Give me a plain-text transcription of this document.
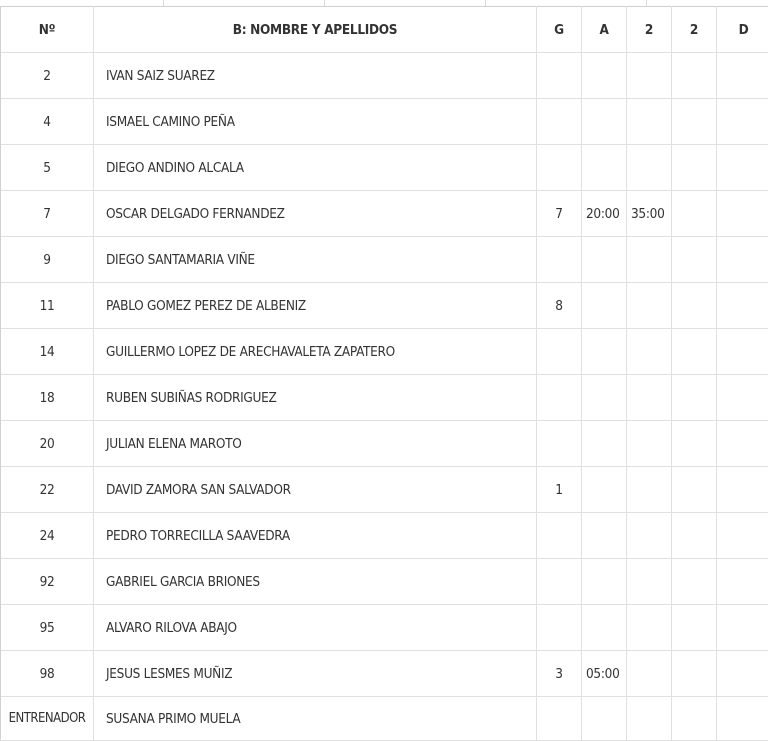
Nº	B: NOMBRE Y APELLIDOS	G	A	2	2	D
2	IVAN SAIZ SUAREZ					
4	ISMAEL CAMINO PEÑA					
5	DIEGO ANDINO ALCALA					
7	OSCAR DELGADO FERNANDEZ	7	20:00	35:00		
9	DIEGO SANTAMARIA VIÑE					
11	PABLO GOMEZ PEREZ DE ALBENIZ	8				
14	GUILLERMO LOPEZ DE ARECHAVALETA ZAPATERO					
18	RUBEN SUBIÑAS RODRIGUEZ					
20	JULIAN ELENA MAROTO					
22	DAVID ZAMORA SAN SALVADOR	1				
24	PEDRO TORRECILLA SAAVEDRA					
92	GABRIEL GARCIA BRIONES					
95	ALVARO RILOVA ABAJO					
98	JESUS LESMES MUÑIZ	3	05:00			
ENTRENADOR	SUSANA PRIMO MUELA					
